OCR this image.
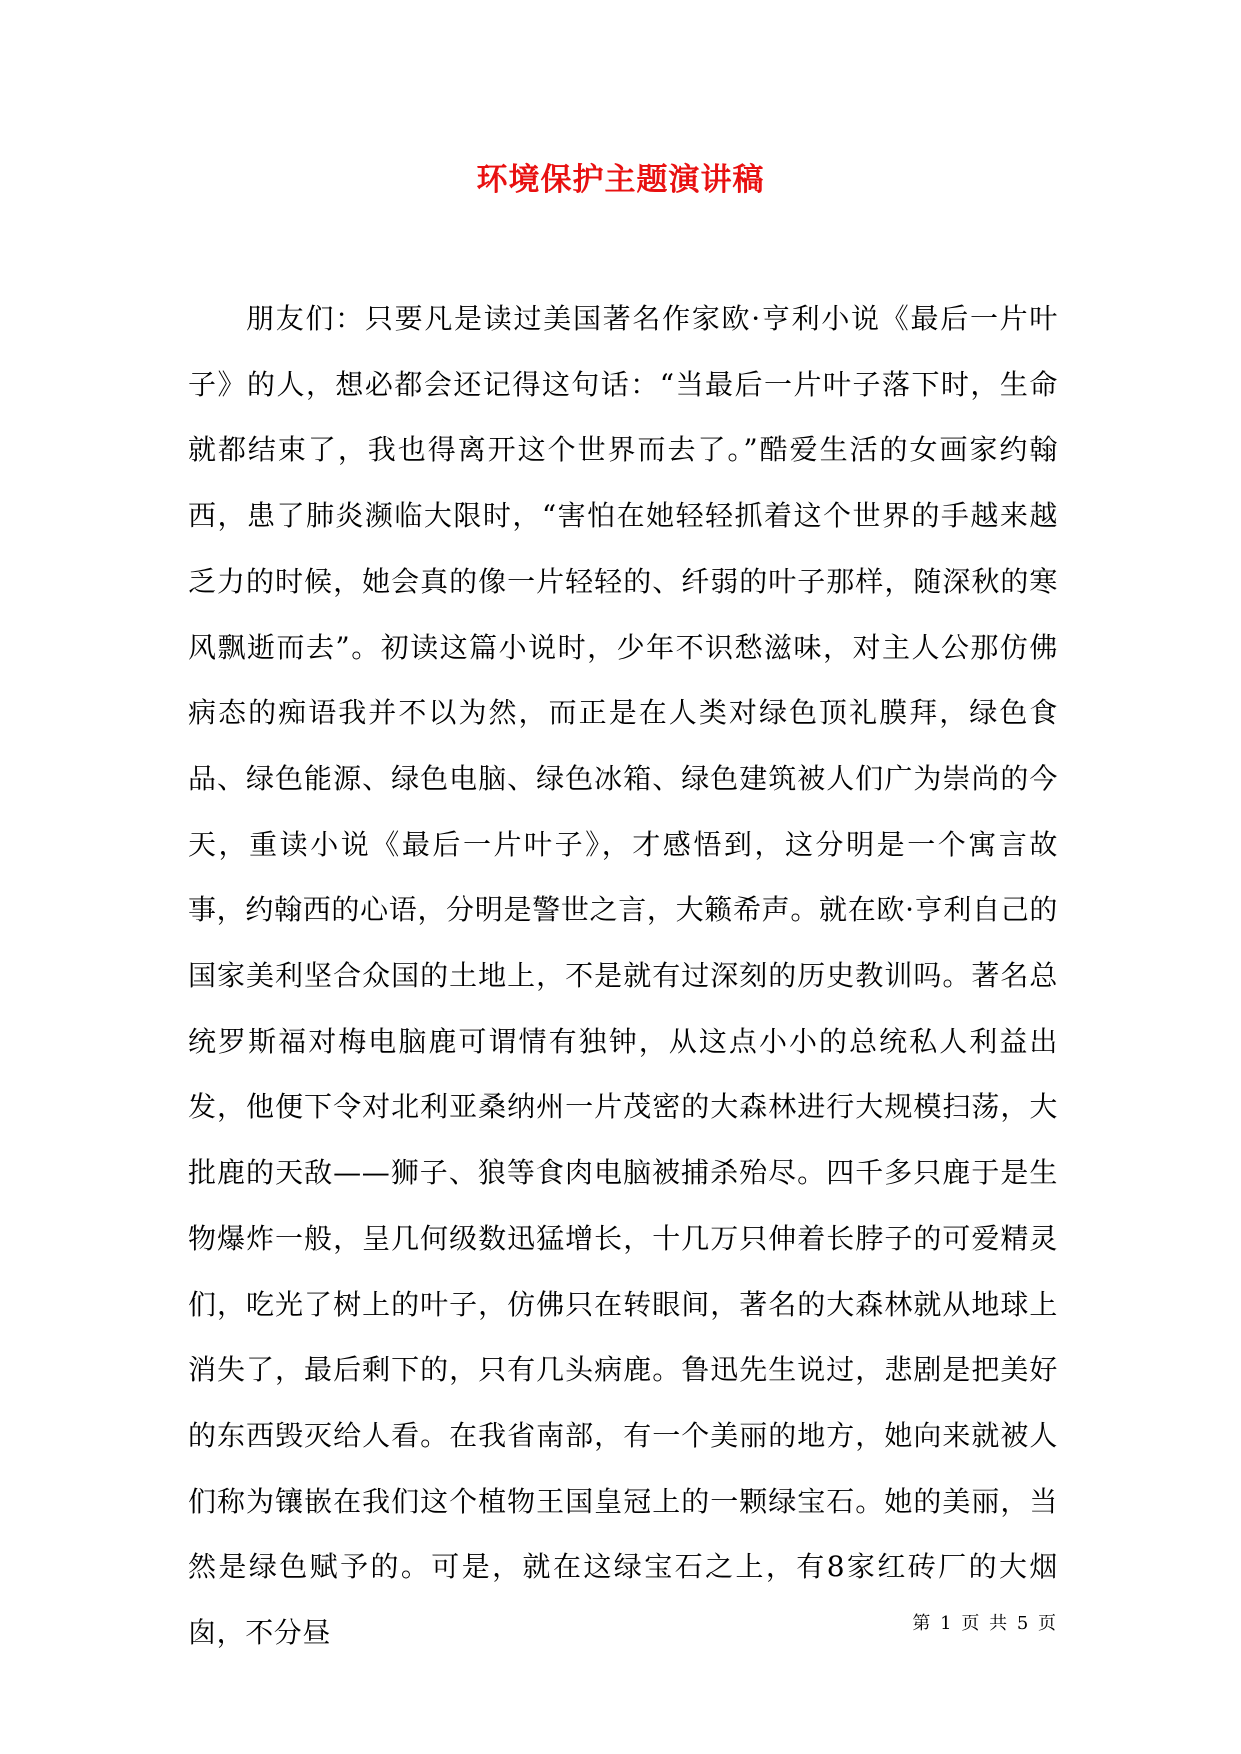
环境保护主题演讲稿

朋友们：只要凡是读过美国著名作家欧·亨利小说《最后一片叶子》的人，想必都会还记得这句话：“当最后一片叶子落下时，生命就都结束了，我也得离开这个世界而去了。”酷爱生活的女画家约翰西，患了肺炎濒临大限时，“害怕在她轻轻抓着这个世界的手越来越乏力的时候，她会真的像一片轻轻的、纤弱的叶子那样，随深秋的寒风飘逝而去”。初读这篇小说时，少年不识愁滋味，对主人公那仿佛病态的痴语我并不以为然，而正是在人类对绿色顶礼膜拜，绿色食品、绿色能源、绿色电脑、绿色冰箱、绿色建筑被人们广为崇尚的今天，重读小说《最后一片叶子》，才感悟到，这分明是一个寓言故事，约翰西的心语，分明是警世之言，大籁希声。就在欧·亨利自己的国家美利坚合众国的土地上，不是就有过深刻的历史教训吗。著名总统罗斯福对梅电脑鹿可谓情有独钟，从这点小小的总统私人利益出发，他便下令对北利亚桑纳州一片茂密的大森林进行大规模扫荡，大批鹿的天敌——狮子、狼等食肉电脑被捕杀殆尽。四千多只鹿于是生物爆炸一般，呈几何级数迅猛增长，十几万只伸着长脖子的可爱精灵们，吃光了树上的叶子，仿佛只在转眼间，著名的大森林就从地球上消失了，最后剩下的，只有几头病鹿。鲁迅先生说过，悲剧是把美好的东西毁灭给人看。在我省南部，有一个美丽的地方，她向来就被人们称为镶嵌在我们这个植物王国皇冠上的一颗绿宝石。她的美丽，当然是绿色赋予的。可是，就在这绿宝石之上，有8家红砖厂的大烟囱，不分昼	第 1 页 共 5 页
